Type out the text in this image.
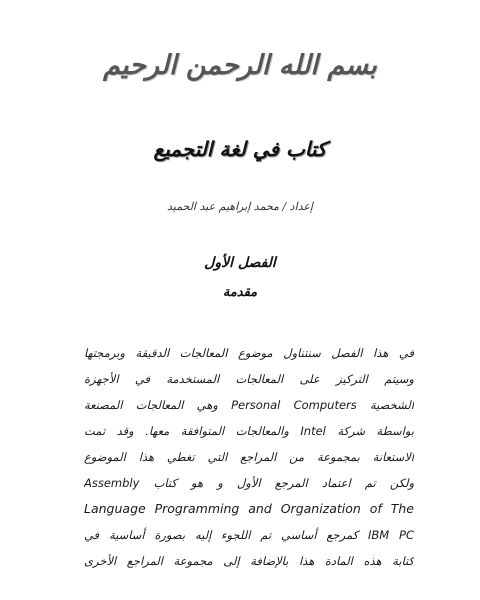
بسم الله الرحمن الرحيم
كتاب في لغة التجميع
إعداد / محمد إبراهيم عبد الحميد
الفصل الأول
مقدمة
في هذا الفصل سنتناول موضوع المعالجات الدقيقة وبرمجتها
وسيتم التركيز على المعالجات المستخدمة في الأجهزة
الشخصية Personal Computers وهي المعالجات المصنعة
بواسطة شركة Intel والمعالجات المتوافقة معها. وقد تمت
الاستعانة بمجموعة من المراجع التي تغطي هذا الموضوع
ولكن تم اعتماد المرجع الأول و هو كتاب Assembly
Language Programming and Organization of The
IBM PC كمرجع أساسي تم اللجوء إليه بصورة أساسية في
كتابة هذه المادة هذا بالإضافة إلى مجموعة المراجع الأخرى
